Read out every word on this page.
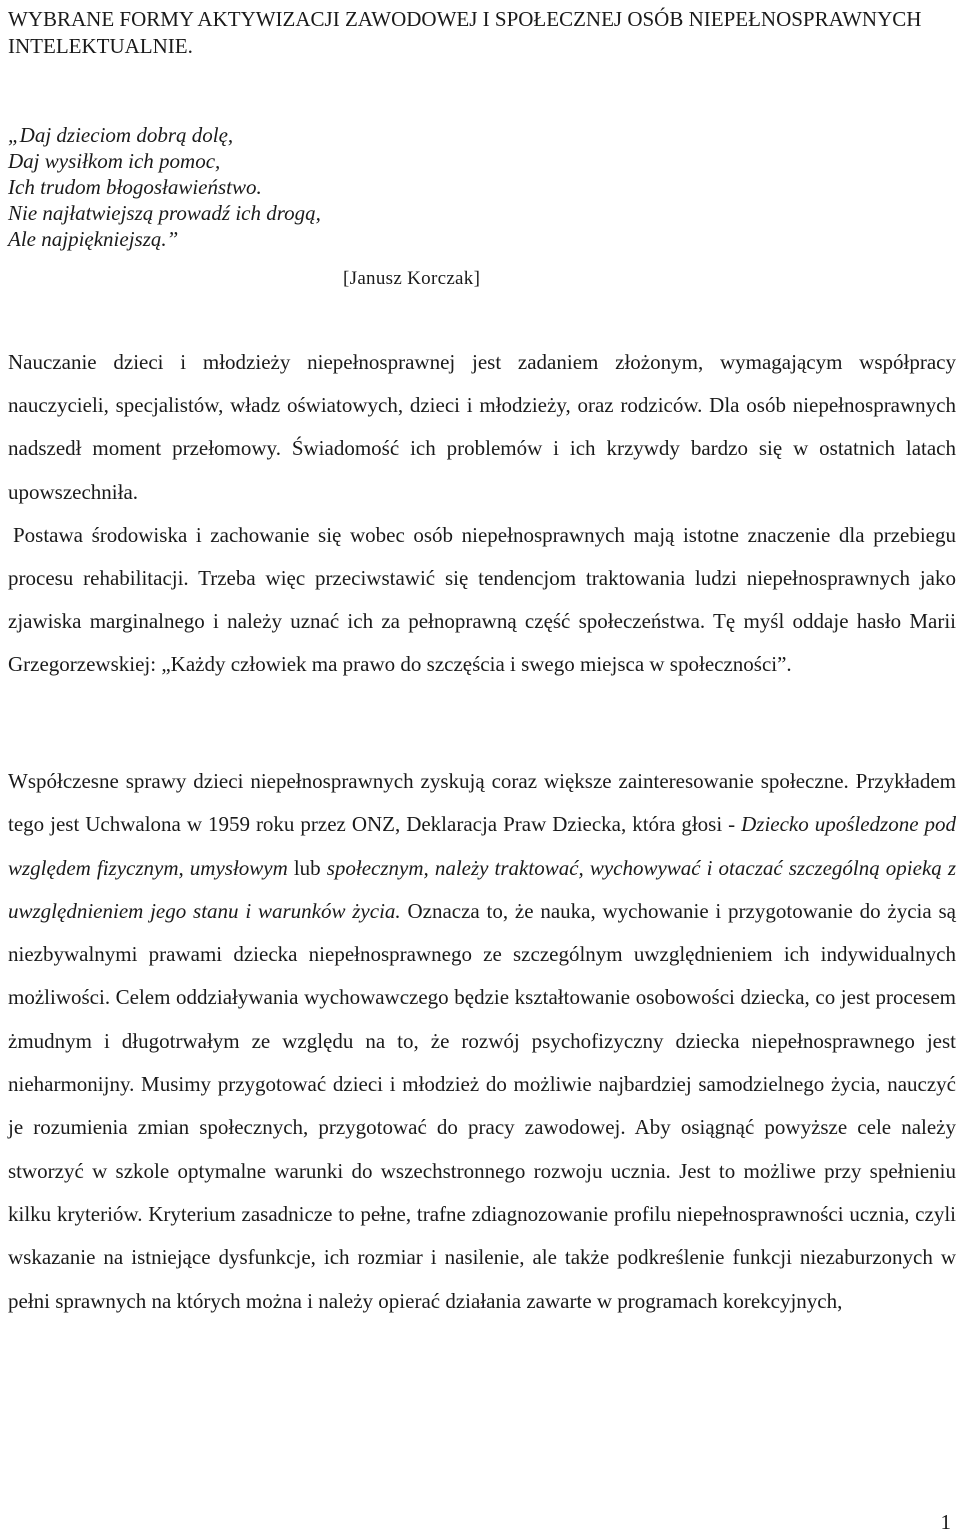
WYBRANE FORMY AKTYWIZACJI ZAWODOWEJ I SPOŁECZNEJ OSÓB NIEPEŁNOSPRAWNYCH INTELEKTUALNIE.
„Daj dzieciom dobrą dolę,
Daj wysiłkom ich pomoc,
Ich trudom błogosławieństwo.
Nie najłatwiejszą prowadź ich drogą,
Ale najpiękniejszą.”
[Janusz Korczak]

Nauczanie dzieci i młodzieży niepełnosprawnej jest zadaniem złożonym, wymagającym współpracy nauczycieli, specjalistów, władz oświatowych, dzieci i młodzieży, oraz rodziców. Dla osób niepełnosprawnych nadszedł moment przełomowy. Świadomość ich problemów i ich krzywdy bardzo się w ostatnich latach upowszechniła.
Postawa środowiska i zachowanie się wobec osób niepełnosprawnych mają istotne znaczenie dla przebiegu procesu rehabilitacji. Trzeba więc przeciwstawić się tendencjom traktowania ludzi niepełnosprawnych jako zjawiska marginalnego i należy uznać ich za pełnoprawną część społeczeństwa. Tę myśl oddaje hasło Marii Grzegorzewskiej: „Każdy człowiek ma prawo do szczęścia i swego miejsca w społeczności”.

Współczesne sprawy dzieci niepełnosprawnych zyskują coraz większe zainteresowanie społeczne. Przykładem tego jest Uchwalona w 1959 roku przez ONZ, Deklaracja Praw Dziecka, która głosi - Dziecko upośledzone pod względem fizycznym, umysłowym lub społecznym, należy traktować, wychowywać i otaczać szczególną opieką z uwzględnieniem jego stanu i warunków życia. Oznacza to, że nauka, wychowanie i przygotowanie do życia są niezbywalnymi prawami dziecka niepełnosprawnego ze szczególnym uwzględnieniem ich indywidualnych możliwości. Celem oddziaływania wychowawczego będzie kształtowanie osobowości dziecka, co jest procesem żmudnym i długotrwałym ze względu na to, że rozwój psychofizyczny dziecka niepełnosprawnego jest nieharmonijny. Musimy przygotować dzieci i młodzież do możliwie najbardziej samodzielnego życia, nauczyć je rozumienia zmian społecznych, przygotować do pracy zawodowej. Aby osiągnąć powyższe cele należy stworzyć w szkole optymalne warunki do wszechstronnego rozwoju ucznia. Jest to możliwe przy spełnieniu kilku kryteriów. Kryterium zasadnicze to pełne, trafne zdiagnozowanie profilu niepełnosprawności ucznia, czyli wskazanie na istniejące dysfunkcje, ich rozmiar i nasilenie, ale także podkreślenie funkcji niezaburzonych w pełni sprawnych na których można i należy opierać działania zawarte w programach korekcyjnych,

1
